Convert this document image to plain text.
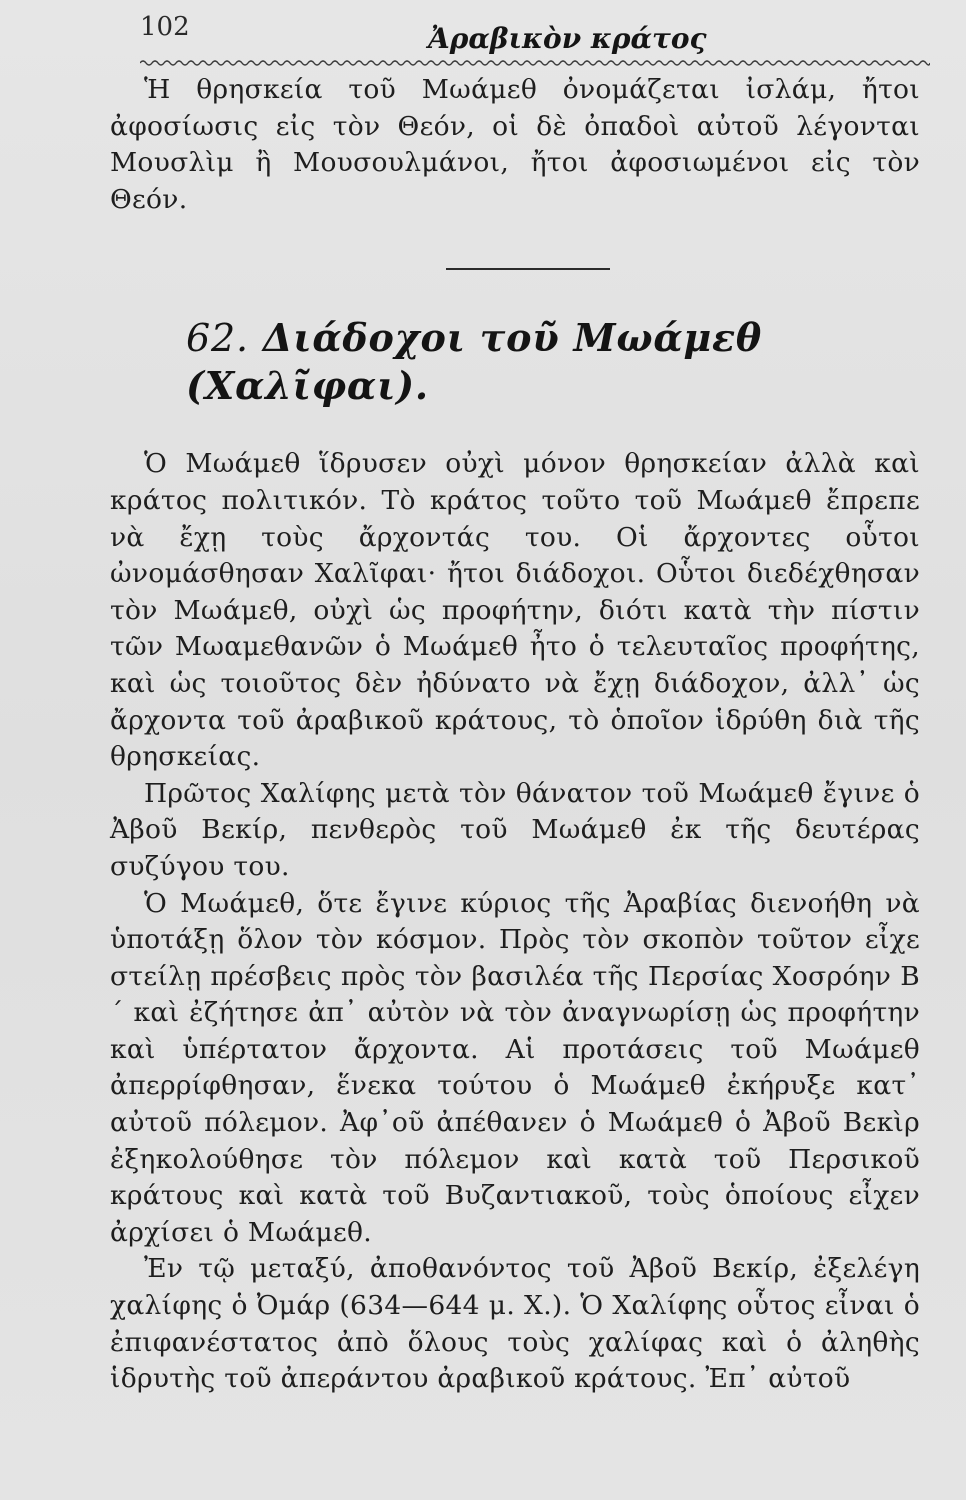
102	Ἀραβικὸν κράτος

Ἡ θρησκεία τοῦ Μωάμεθ ὀνομάζεται ἰσλάμ, ἤτοι ἀφοσίωσις εἰς τὸν Θεόν, οἱ δὲ ὀπαδοὶ αὐτοῦ λέγονται Μουσλὶμ ἢ Μουσουλμάνοι, ἤτοι ἀφοσιωμένοι εἰς τὸν Θεόν.

62. Διάδοχοι τοῦ Μωάμεθ (Χαλῖφαι).

Ὁ Μωάμεθ ἵδρυσεν οὐχὶ μόνον θρησκείαν ἀλλὰ καὶ κράτος πολιτικόν. Τὸ κράτος τοῦτο τοῦ Μωάμεθ ἔπρεπε νὰ ἔχῃ τοὺς ἄρχοντάς του. Οἱ ἄρχοντες οὗτοι ὠνομάσθησαν Χαλῖφαι· ἤτοι διάδοχοι. Οὗτοι διεδέχθησαν τὸν Μωάμεθ, οὐχὶ ὡς προφήτην, διότι κατὰ τὴν πίστιν τῶν Μωαμεθανῶν ὁ Μωάμεθ ἦτο ὁ τελευταῖος προφήτης, καὶ ὡς τοιοῦτος δὲν ἠδύνατο νὰ ἔχῃ διάδοχον, ἀλλ᾽ ὡς ἄρχοντα τοῦ ἀραβικοῦ κράτους, τὸ ὁποῖον ἱδρύθη διὰ τῆς θρησκείας.

Πρῶτος Χαλίφης μετὰ τὸν θάνατον τοῦ Μωάμεθ ἔγινε ὁ Ἀβοῦ Βεκίρ, πενθερὸς τοῦ Μωάμεθ ἐκ τῆς δευτέρας συζύγου του.

Ὁ Μωάμεθ, ὅτε ἔγινε κύριος τῆς Ἀραβίας διενοήθη νὰ ὑποτάξῃ ὅλον τὸν κόσμον. Πρὸς τὸν σκοπὸν τοῦτον εἶχε στείλῃ πρέσβεις πρὸς τὸν βασιλέα τῆς Περσίας Χοσρόην Β´ καὶ ἐζήτησε ἀπ᾽ αὐτὸν νὰ τὸν ἀναγνωρίσῃ ὡς προφήτην καὶ ὑπέρτατον ἄρχοντα. Αἱ προτάσεις τοῦ Μωάμεθ ἀπερρίφθησαν, ἕνεκα τούτου ὁ Μωάμεθ ἐκήρυξε κατ᾽ αὐτοῦ πόλεμον. Ἀφ᾽οῦ ἀπέθανεν ὁ Μωάμεθ ὁ Ἀβοῦ Βεκὶρ ἐξηκολούθησε τὸν πόλεμον καὶ κατὰ τοῦ Περσικοῦ κράτους καὶ κατὰ τοῦ Βυζαντιακοῦ, τοὺς ὁποίους εἶχεν ἀρχίσει ὁ Μωάμεθ.

Ἐν τῷ μεταξύ, ἀποθανόντος τοῦ Ἀβοῦ Βεκίρ, ἐξελέγη χαλίφης ὁ Ὀμάρ (634—644 μ. Χ.). Ὁ Χαλίφης οὗτος εἶναι ὁ ἐπιφανέστατος ἀπὸ ὅλους τοὺς χαλίφας καὶ ὁ ἀληθὴς ἱδρυτὴς τοῦ ἀπεράντου ἀραβικοῦ κράτους. Ἐπ᾽ αὐτοῦ
